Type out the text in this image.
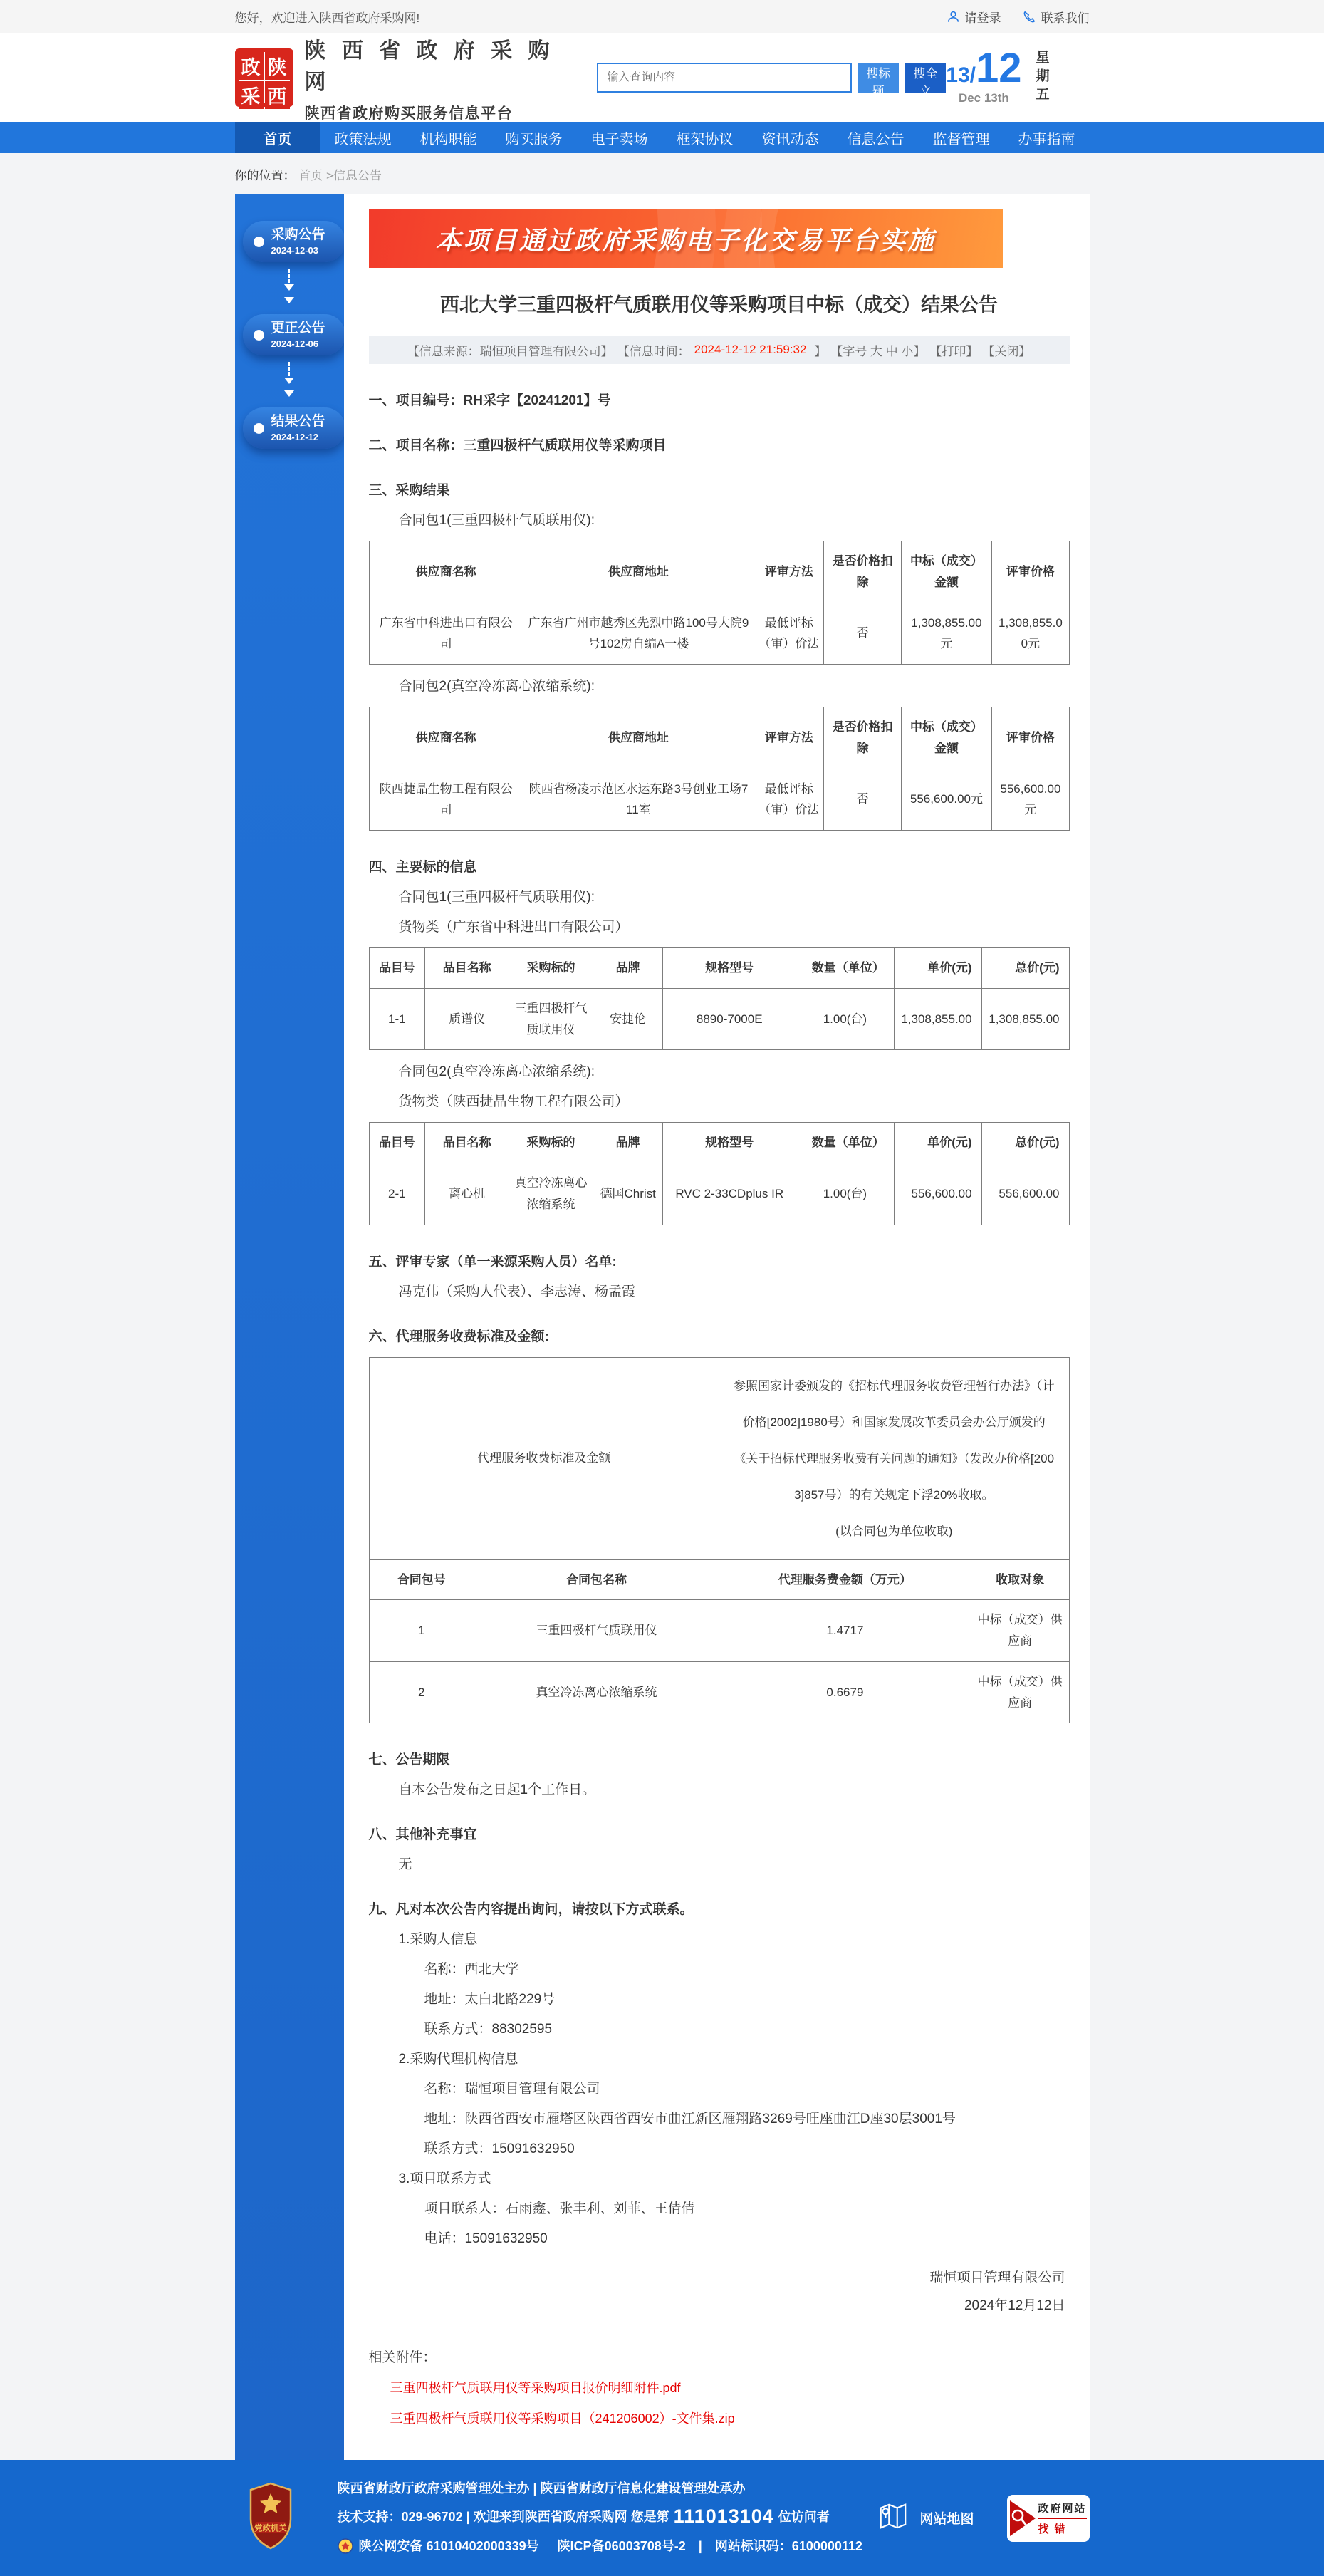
您好，欢迎进入陕西省政府采购网!	请登录	联系我们
政 陕
采 西
陕 西 省 政 府 采 购 网
陕西省政府购买服务信息平台
输入查询内容
搜标题
搜全文
13/ 12
Dec 13th	星期五
首页	政策法规	机构职能	购买服务	电子卖场	框架协议	资讯动态	信息公告	监督管理	办事指南
你的位置： 首页 >信息公告
采购公告
2024-12-03
更正公告
2024-12-06
结果公告
2024-12-12
本项目通过政府采购电子化交易平台实施
西北大学三重四极杆气质联用仪等采购项目中标（成交）结果公告
【信息来源：瑞恒项目管理有限公司】 【信息时间： 2024-12-12 21:59:32 】 【字号 大 中 小】 【打印】 【关闭】
一、项目编号：RH采字【20241201】号
二、项目名称：三重四极杆气质联用仪等采购项目
三、采购结果
合同包1(三重四极杆气质联用仪):
供应商名称	供应商地址	评审方法	是否价格扣除	中标（成交）金额	评审价格
广东省中科进出口有限公司	广东省广州市越秀区先烈中路100号大院9号102房自编A一楼	最低评标（审）价法	否	1,308,855.00元	1,308,855.00元
合同包2(真空冷冻离心浓缩系统):
供应商名称	供应商地址	评审方法	是否价格扣除	中标（成交）金额	评审价格
陕西捷晶生物工程有限公司	陕西省杨凌示范区水运东路3号创业工场711室	最低评标（审）价法	否	556,600.00元	556,600.00元
四、主要标的信息
合同包1(三重四极杆气质联用仪):
货物类（广东省中科进出口有限公司）
品目号	品目名称	采购标的	品牌	规格型号	数量（单位）	单价(元)	总价(元)
1-1	质谱仪	三重四极杆气质联用仪	安捷伦	8890-7000E	1.00(台)	1,308,855.00	1,308,855.00
合同包2(真空冷冻离心浓缩系统):
货物类（陕西捷晶生物工程有限公司）
品目号	品目名称	采购标的	品牌	规格型号	数量（单位）	单价(元)	总价(元)
2-1	离心机	真空冷冻离心浓缩系统	德国Christ	RVC 2-33CDplus IR	1.00(台)	556,600.00	556,600.00
五、评审专家（单一来源采购人员）名单:
冯克伟（采购人代表）、李志涛、杨孟霞
六、代理服务收费标准及金额:
代理服务收费标准及金额		参照国家计委颁发的《招标代理服务收费管理暂行办法》（计价格[2002]1980号）和国家发展改革委员会办公厅颁发的《关于招标代理服务收费有关问题的通知》（发改办价格[2003]857号）的有关规定下浮20%收取。

(以合同包为单位收取)	

合同包号	合同包名称	代理服务费金额（万元）	收取对象
1	三重四极杆气质联用仪	1.4717	中标（成交）供应商
2	真空冷冻离心浓缩系统	0.6679	中标（成交）供应商
七、公告期限
自本公告发布之日起1个工作日。
八、其他补充事宜
无
九、凡对本次公告内容提出询问，请按以下方式联系。
1.采购人信息
名称：西北大学
地址：太白北路229号
联系方式：88302595
2.采购代理机构信息
名称：瑞恒项目管理有限公司
地址：陕西省西安市雁塔区陕西省西安市曲江新区雁翔路3269号旺座曲江D座30层3001号
联系方式：15091632950
3.项目联系方式
项目联系人：石雨鑫、张丰利、刘菲、王倩倩
电话：15091632950
瑞恒项目管理有限公司
2024年12月12日
相关附件：
三重四极杆气质联用仪等采购项目报价明细附件.pdf
三重四极杆气质联用仪等采购项目（241206002）-文件集.zip
党政机关
陕西省财政厅政府采购管理处主办 | 陕西省财政厅信息化建设管理处承办
技术支持：029-96702 | 欢迎来到陕西省政府采购网 您是第 111013104 位访问者
陕公网安备 61010402000339号 陕ICP备06003708号-2 | 网站标识码：6100000112
网站地图
政府网站
找错
